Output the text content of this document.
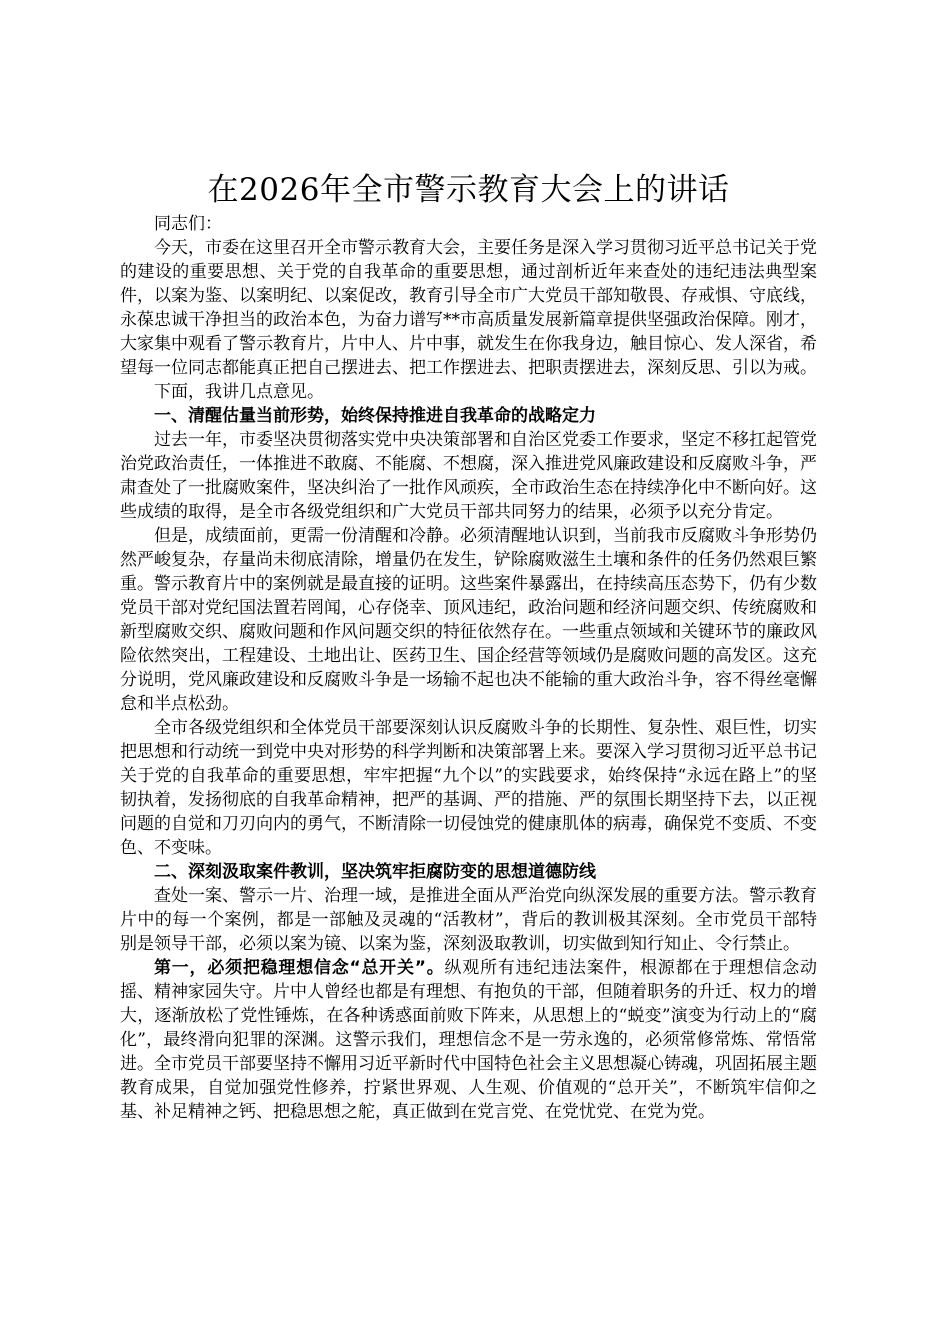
在2026年全市警示教育大会上的讲话

同志们：

今天，市委在这里召开全市警示教育大会，主要任务是深入学习贯彻习近平总书记关于党的建设的重要思想、关于党的自我革命的重要思想，通过剖析近年来查处的违纪违法典型案件，以案为鉴、以案明纪、以案促改，教育引导全市广大党员干部知敬畏、存戒惧、守底线，永葆忠诚干净担当的政治本色，为奋力谱写**市高质量发展新篇章提供坚强政治保障。刚才，大家集中观看了警示教育片，片中人、片中事，就发生在你我身边，触目惊心、发人深省，希望每一位同志都能真正把自己摆进去、把工作摆进去、把职责摆进去，深刻反思、引以为戒。

下面，我讲几点意见。

一、清醒估量当前形势，始终保持推进自我革命的战略定力

过去一年，市委坚决贯彻落实党中央决策部署和自治区党委工作要求，坚定不移扛起管党治党政治责任，一体推进不敢腐、不能腐、不想腐，深入推进党风廉政建设和反腐败斗争，严肃查处了一批腐败案件，坚决纠治了一批作风顽疾，全市政治生态在持续净化中不断向好。这些成绩的取得，是全市各级党组织和广大党员干部共同努力的结果，必须予以充分肯定。

但是，成绩面前，更需一份清醒和冷静。必须清醒地认识到，当前我市反腐败斗争形势仍然严峻复杂，存量尚未彻底清除，增量仍在发生，铲除腐败滋生土壤和条件的任务仍然艰巨繁重。警示教育片中的案例就是最直接的证明。这些案件暴露出，在持续高压态势下，仍有少数党员干部对党纪国法置若罔闻，心存侥幸、顶风违纪，政治问题和经济问题交织、传统腐败和新型腐败交织、腐败问题和作风问题交织的特征依然存在。一些重点领域和关键环节的廉政风险依然突出，工程建设、土地出让、医药卫生、国企经营等领域仍是腐败问题的高发区。这充分说明，党风廉政建设和反腐败斗争是一场输不起也决不能输的重大政治斗争，容不得丝毫懈怠和半点松劲。

全市各级党组织和全体党员干部要深刻认识反腐败斗争的长期性、复杂性、艰巨性，切实把思想和行动统一到党中央对形势的科学判断和决策部署上来。要深入学习贯彻习近平总书记关于党的自我革命的重要思想，牢牢把握“九个以”的实践要求，始终保持“永远在路上”的坚韧执着，发扬彻底的自我革命精神，把严的基调、严的措施、严的氛围长期坚持下去，以正视问题的自觉和刀刃向内的勇气，不断清除一切侵蚀党的健康肌体的病毒，确保党不变质、不变色、不变味。

二、深刻汲取案件教训，坚决筑牢拒腐防变的思想道德防线

查处一案、警示一片、治理一域，是推进全面从严治党向纵深发展的重要方法。警示教育片中的每一个案例，都是一部触及灵魂的“活教材”，背后的教训极其深刻。全市党员干部特别是领导干部，必须以案为镜、以案为鉴，深刻汲取教训，切实做到知行知止、令行禁止。

第一，必须把稳理想信念“总开关”。纵观所有违纪违法案件，根源都在于理想信念动摇、精神家园失守。片中人曾经也都是有理想、有抱负的干部，但随着职务的升迁、权力的增大，逐渐放松了党性锤炼，在各种诱惑面前败下阵来，从思想上的“蜕变”演变为行动上的“腐化”，最终滑向犯罪的深渊。这警示我们，理想信念不是一劳永逸的，必须常修常炼、常悟常进。全市党员干部要坚持不懈用习近平新时代中国特色社会主义思想凝心铸魂，巩固拓展主题教育成果，自觉加强党性修养，拧紧世界观、人生观、价值观的“总开关”，不断筑牢信仰之基、补足精神之钙、把稳思想之舵，真正做到在党言党、在党忧党、在党为党。
